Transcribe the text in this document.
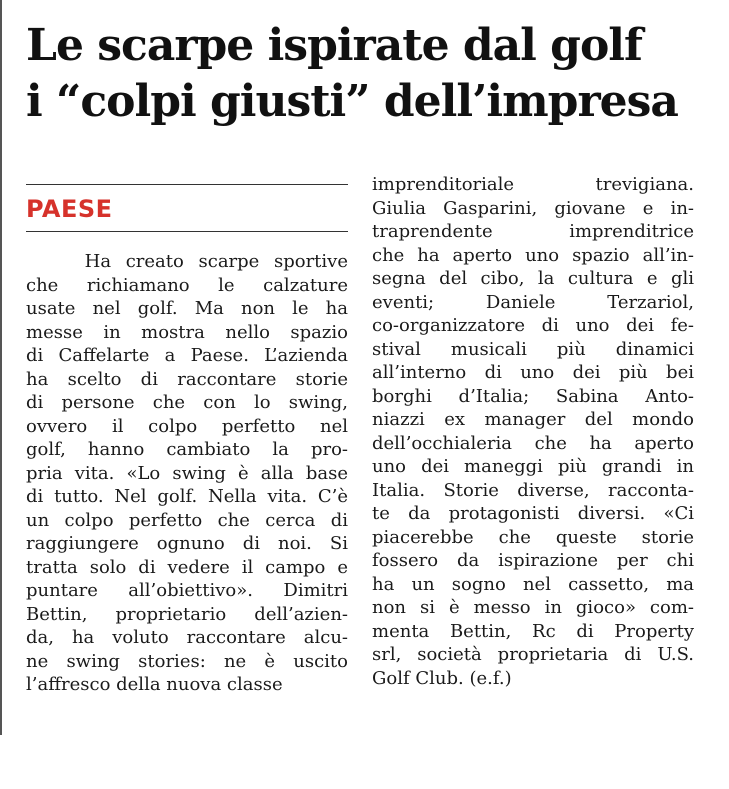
Le scarpe ispirate dal golf
i “colpi giusti” dell’impresa
PAESE
Ha creato scarpe sportive
che richiamano le calzature
usate nel golf. Ma non le ha
messe in mostra nello spazio
di Caffelarte a Paese. L’azienda
ha scelto di raccontare storie
di persone che con lo swing,
ovvero il colpo perfetto nel
golf, hanno cambiato la pro-
pria vita. «Lo swing è alla base
di tutto. Nel golf. Nella vita. C’è
un colpo perfetto che cerca di
raggiungere ognuno di noi. Si
tratta solo di vedere il campo e
puntare all’obiettivo». Dimitri
Bettin, proprietario dell’azien-
da, ha voluto raccontare alcu-
ne swing stories: ne è uscito
l’affresco della nuova classe
imprenditoriale trevigiana.
Giulia Gasparini, giovane e in-
traprendente imprenditrice
che ha aperto uno spazio all’in-
segna del cibo, la cultura e gli
eventi; Daniele Terzariol,
co-organizzatore di uno dei fe-
stival musicali più dinamici
all’interno di uno dei più bei
borghi d’Italia; Sabina Anto-
niazzi ex manager del mondo
dell’occhialeria che ha aperto
uno dei maneggi più grandi in
Italia. Storie diverse, raccontа-
te da protagonisti diversi. «Ci
piacerebbe che queste storie
fossero da ispirazione per chi
ha un sogno nel cassetto, ma
non si è messo in gioco» com-
menta Bettin, Rc di Property
srl, società proprietaria di U.S.
Golf Club. (e.f.)
